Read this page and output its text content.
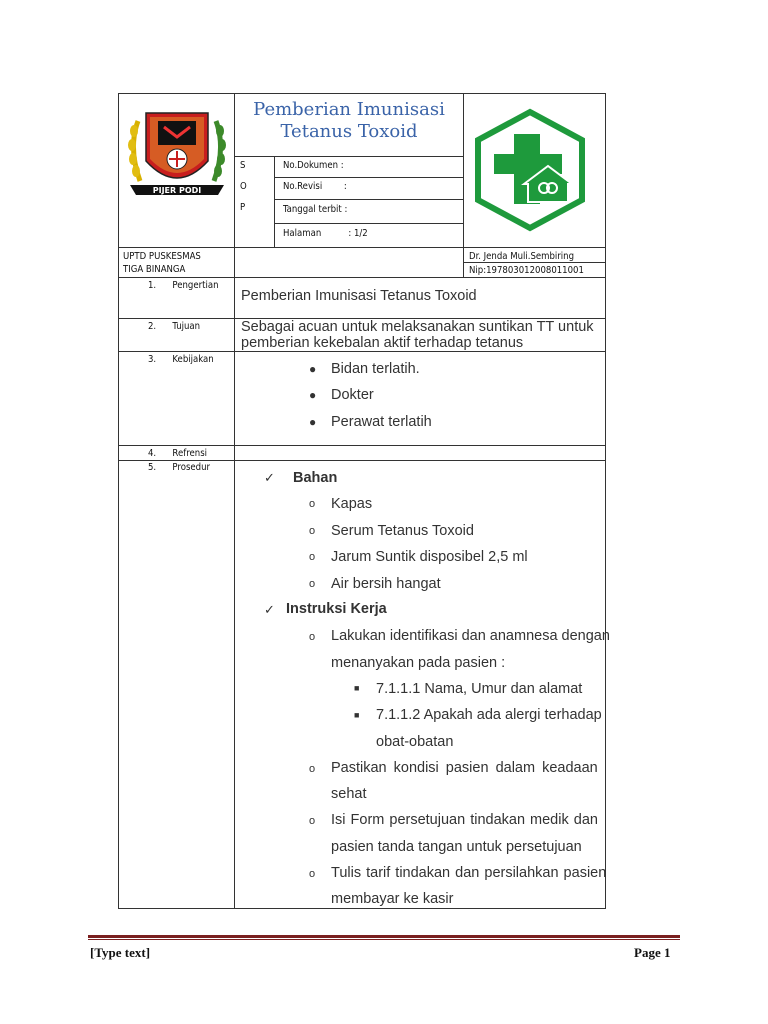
PIJER PODI
Pemberian Imunisasi
Tetanus Toxoid
S
O
P
No.Dokumen :
No.Revisi        :
Tanggal terbit :
Halaman          : 1/2
UPTD PUSKESMAS
TIGA BINANGA
Dr. Jenda Muli.Sembiring
Nip:197803012008011001
1.      Pengertian
2.      Tujuan
3.      Kebijakan
4.      Refrensi
5.      Prosedur
Pemberian Imunisasi Tetanus Toxoid
Sebagai acuan untuk melaksanakan suntikan TT untuk
pemberian kekebalan aktif terhadap tetanus
● Bidan terlatih.
● Dokter
● Perawat terlatih
✓ Bahan
o Kapas
o Serum Tetanus Toxoid
o Jarum Suntik disposibel 2,5 ml
o Air bersih hangat
✓ Instruksi Kerja
o Lakukan identifikasi dan anamnesa dengan
menanyakan pada pasien :
■ 7.1.1.1 Nama, Umur dan alamat
■ 7.1.1.2 Apakah ada alergi terhadap
obat-obatan
o Pastikan kondisi pasien dalam keadaan
sehat
o Isi Form persetujuan tindakan medik dan
pasien tanda tangan untuk persetujuan
o Tulis tarif tindakan dan persilahkan pasien
membayar ke kasir
[Type text]	Page 1
